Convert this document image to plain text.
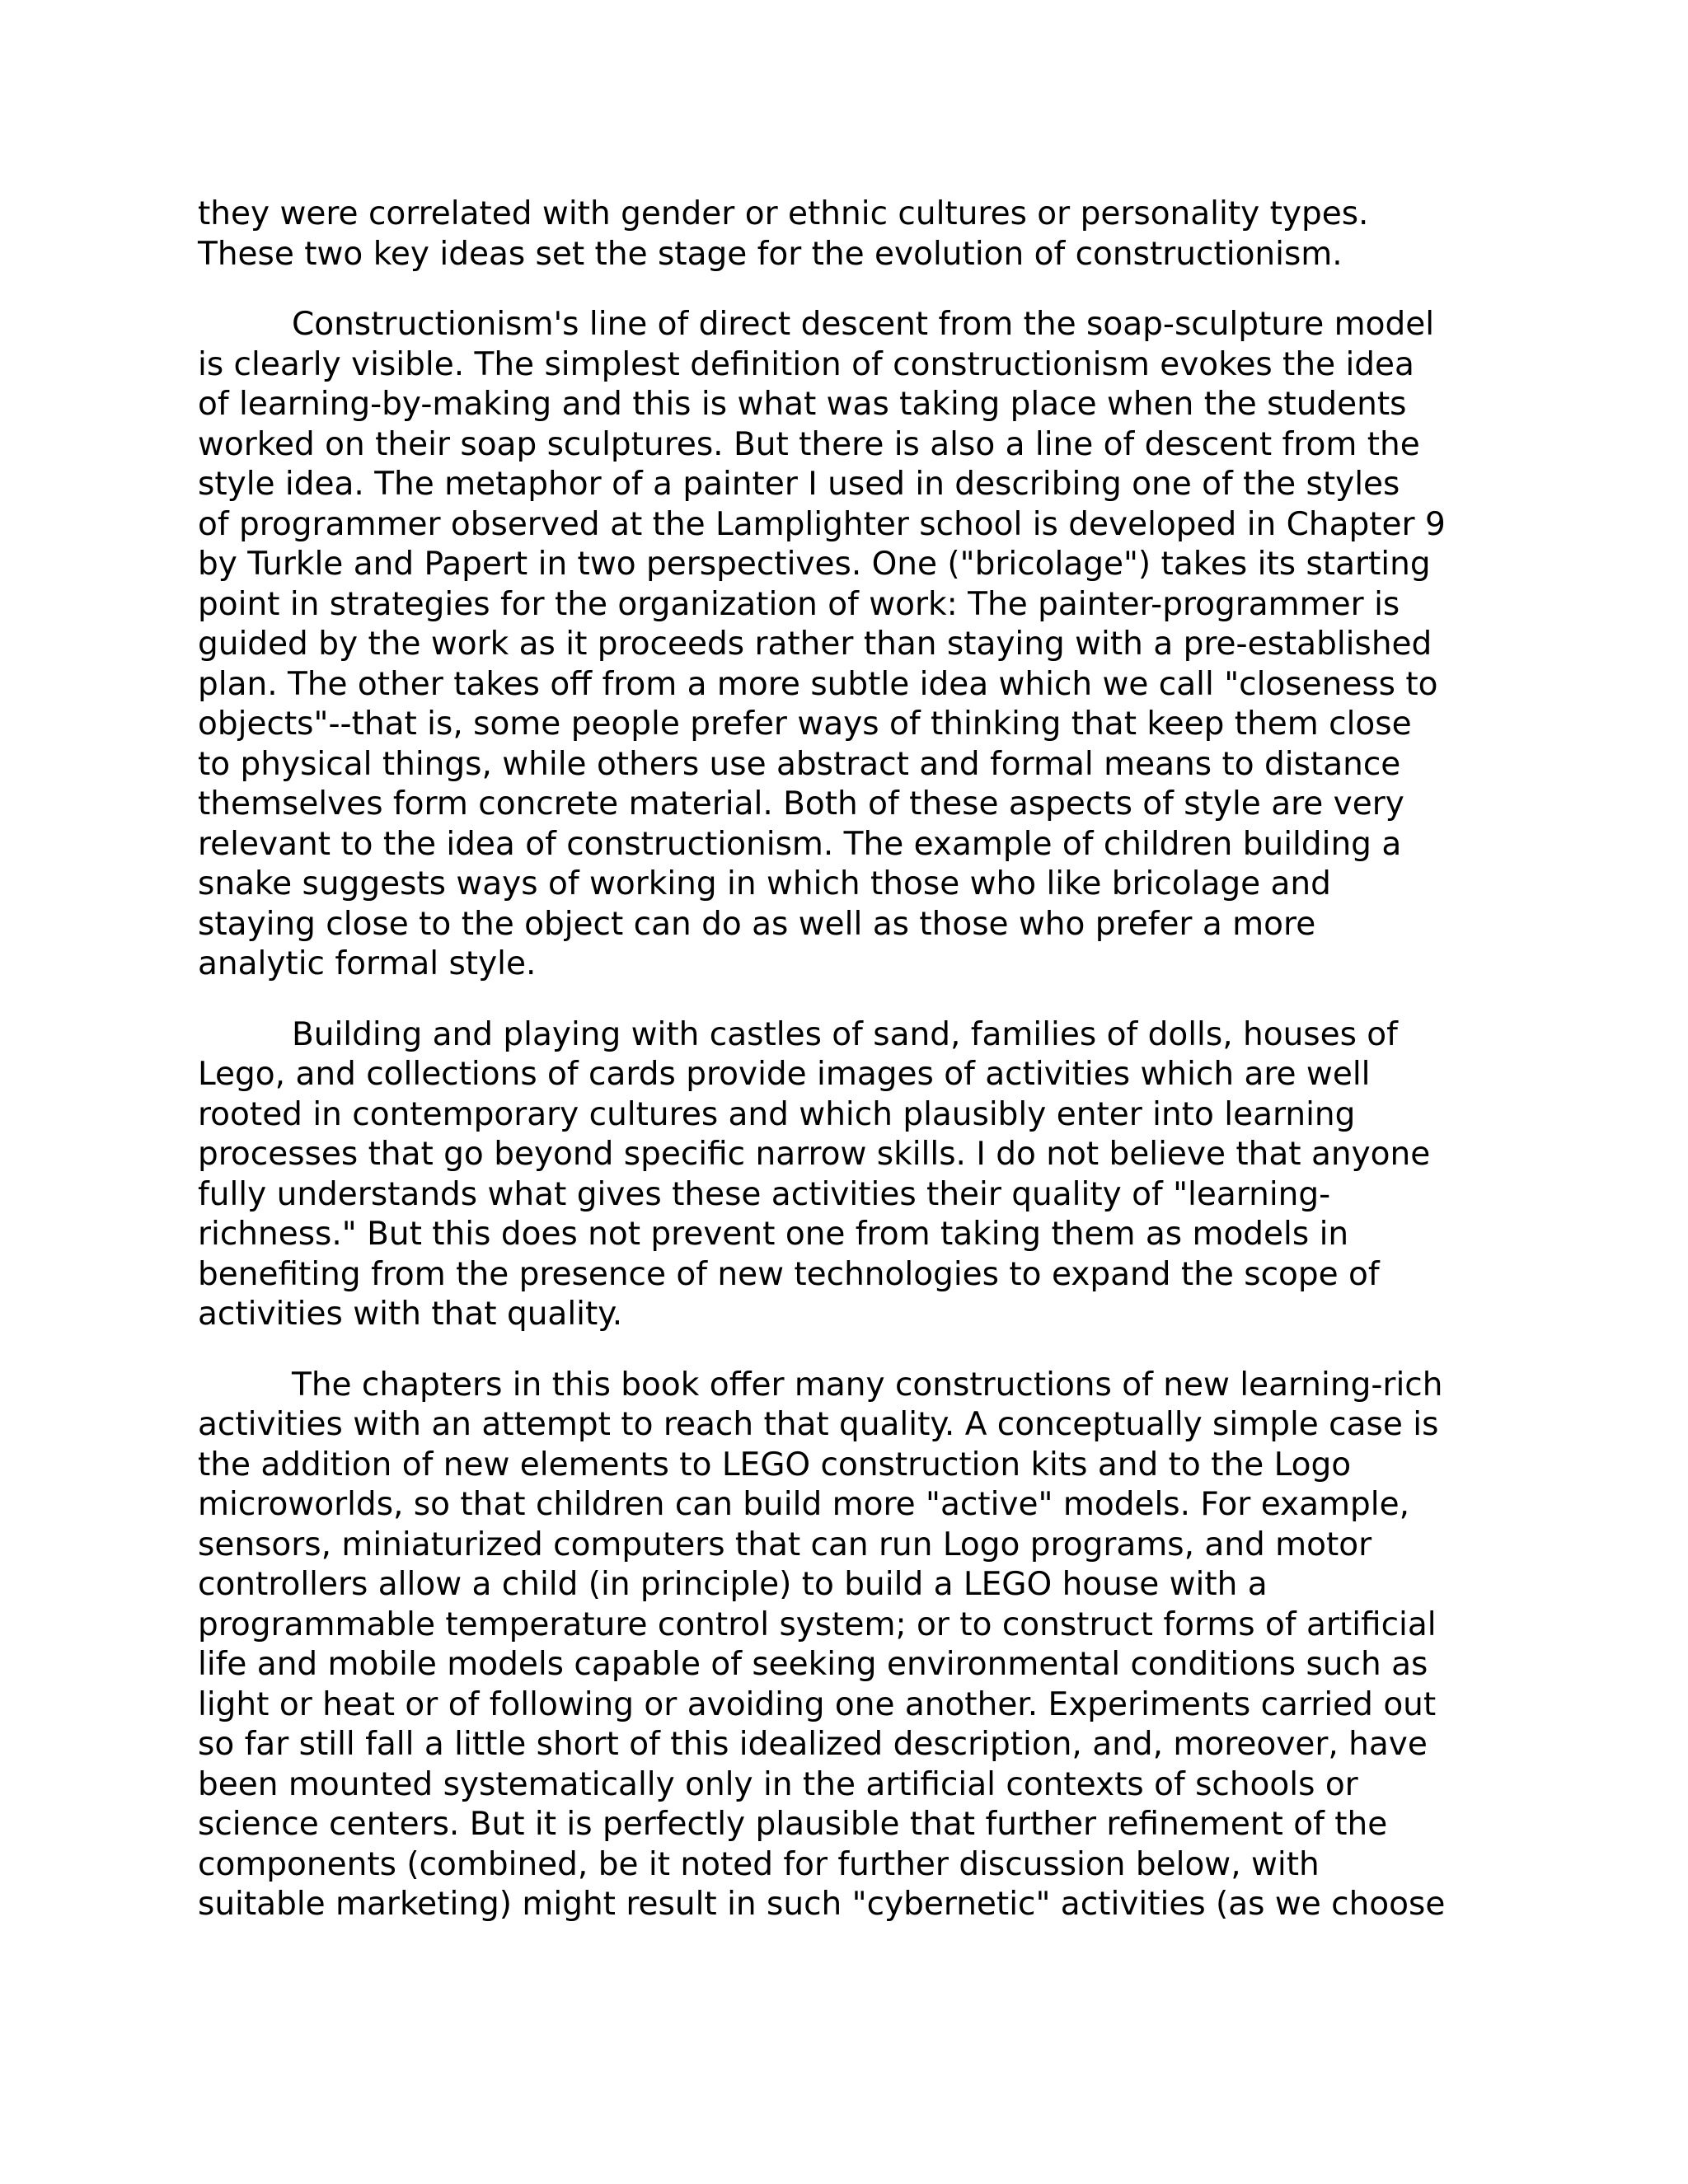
they were correlated with gender or ethnic cultures or personality types.
These two key ideas set the stage for the evolution of constructionism.
Constructionism's line of direct descent from the soap-sculpture model
is clearly visible. The simplest definition of constructionism evokes the idea
of learning-by-making and this is what was taking place when the students
worked on their soap sculptures. But there is also a line of descent from the
style idea. The metaphor of a painter I used in describing one of the styles
of programmer observed at the Lamplighter school is developed in Chapter 9
by Turkle and Papert in two perspectives. One ("bricolage") takes its starting
point in strategies for the organization of work: The painter-programmer is
guided by the work as it proceeds rather than staying with a pre-established
plan. The other takes off from a more subtle idea which we call "closeness to
objects"--that is, some people prefer ways of thinking that keep them close
to physical things, while others use abstract and formal means to distance
themselves form concrete material. Both of these aspects of style are very
relevant to the idea of constructionism. The example of children building a
snake suggests ways of working in which those who like bricolage and
staying close to the object can do as well as those who prefer a more
analytic formal style.
Building and playing with castles of sand, families of dolls, houses of
Lego, and collections of cards provide images of activities which are well
rooted in contemporary cultures and which plausibly enter into learning
processes that go beyond specific narrow skills. I do not believe that anyone
fully understands what gives these activities their quality of "learning-
richness." But this does not prevent one from taking them as models in
benefiting from the presence of new technologies to expand the scope of
activities with that quality.
The chapters in this book offer many constructions of new learning-rich
activities with an attempt to reach that quality. A conceptually simple case is
the addition of new elements to LEGO construction kits and to the Logo
microworlds, so that children can build more "active" models. For example,
sensors, miniaturized computers that can run Logo programs, and motor
controllers allow a child (in principle) to build a LEGO house with a
programmable temperature control system; or to construct forms of artificial
life and mobile models capable of seeking environmental conditions such as
light or heat or of following or avoiding one another. Experiments carried out
so far still fall a little short of this idealized description, and, moreover, have
been mounted systematically only in the artificial contexts of schools or
science centers. But it is perfectly plausible that further refinement of the
components (combined, be it noted for further discussion below, with
suitable marketing) might result in such "cybernetic" activities (as we choose
